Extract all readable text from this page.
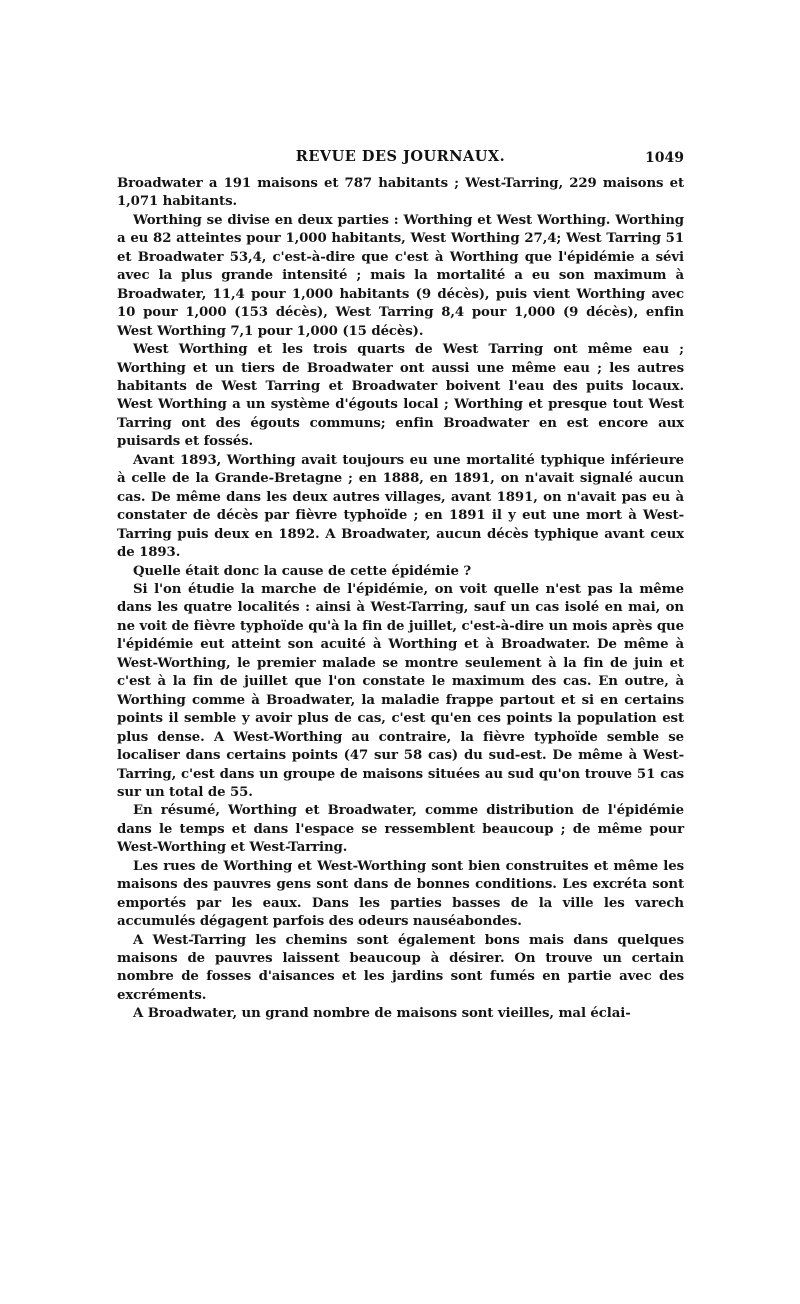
REVUE DES JOURNAUX.	1049

Broadwater a 191 maisons et 787 habitants ; West-Tarring, 229 maisons et 1,071 habitants.

Worthing se divise en deux parties : Worthing et West Worthing. Worthing a eu 82 atteintes pour 1,000 habitants, West Worthing 27,4; West Tarring 51 et Broadwater 53,4, c'est-à-dire que c'est à Worthing que l'épidémie a sévi avec la plus grande intensité ; mais la mortalité a eu son maximum à Broadwater, 11,4 pour 1,000 habitants (9 décès), puis vient Worthing avec 10 pour 1,000 (153 décès), West Tarring 8,4 pour 1,000 (9 décès), enfin West Worthing 7,1 pour 1,000 (15 décès).

West Worthing et les trois quarts de West Tarring ont même eau ; Worthing et un tiers de Broadwater ont aussi une même eau ; les autres habitants de West Tarring et Broadwater boivent l'eau des puits locaux. West Worthing a un système d'égouts local ; Worthing et presque tout West Tarring ont des égouts communs; enfin Broadwater en est encore aux puisards et fossés.

Avant 1893, Worthing avait toujours eu une mortalité typhique inférieure à celle de la Grande-Bretagne ; en 1888, en 1891, on n'avait signalé aucun cas. De même dans les deux autres villages, avant 1891, on n'avait pas eu à constater de décès par fièvre typhoïde ; en 1891 il y eut une mort à West-Tarring puis deux en 1892. A Broadwater, aucun décès typhique avant ceux de 1893.

Quelle était donc la cause de cette épidémie ?

Si l'on étudie la marche de l'épidémie, on voit quelle n'est pas la même dans les quatre localités : ainsi à West-Tarring, sauf un cas isolé en mai, on ne voit de fièvre typhoïde qu'à la fin de juillet, c'est-à-dire un mois après que l'épidémie eut atteint son acuité à Worthing et à Broadwater. De même à West-Worthing, le premier malade se montre seulement à la fin de juin et c'est à la fin de juillet que l'on constate le maximum des cas. En outre, à Worthing comme à Broadwater, la maladie frappe partout et si en certains points il semble y avoir plus de cas, c'est qu'en ces points la population est plus dense. A West-Worthing au contraire, la fièvre typhoïde semble se localiser dans certains points (47 sur 58 cas) du sud-est. De même à West-Tarring, c'est dans un groupe de maisons situées au sud qu'on trouve 51 cas sur un total de 55.

En résumé, Worthing et Broadwater, comme distribution de l'épidémie dans le temps et dans l'espace se ressemblent beaucoup ; de même pour West-Worthing et West-Tarring.

Les rues de Worthing et West-Worthing sont bien construites et même les maisons des pauvres gens sont dans de bonnes conditions. Les excréta sont emportés par les eaux. Dans les parties basses de la ville les varech accumulés dégagent parfois des odeurs nauséabondes.

A West-Tarring les chemins sont également bons mais dans quelques maisons de pauvres laissent beaucoup à désirer. On trouve un certain nombre de fosses d'aisances et les jardins sont fumés en partie avec des excréments.

A Broadwater, un grand nombre de maisons sont vieilles, mal éclai-
